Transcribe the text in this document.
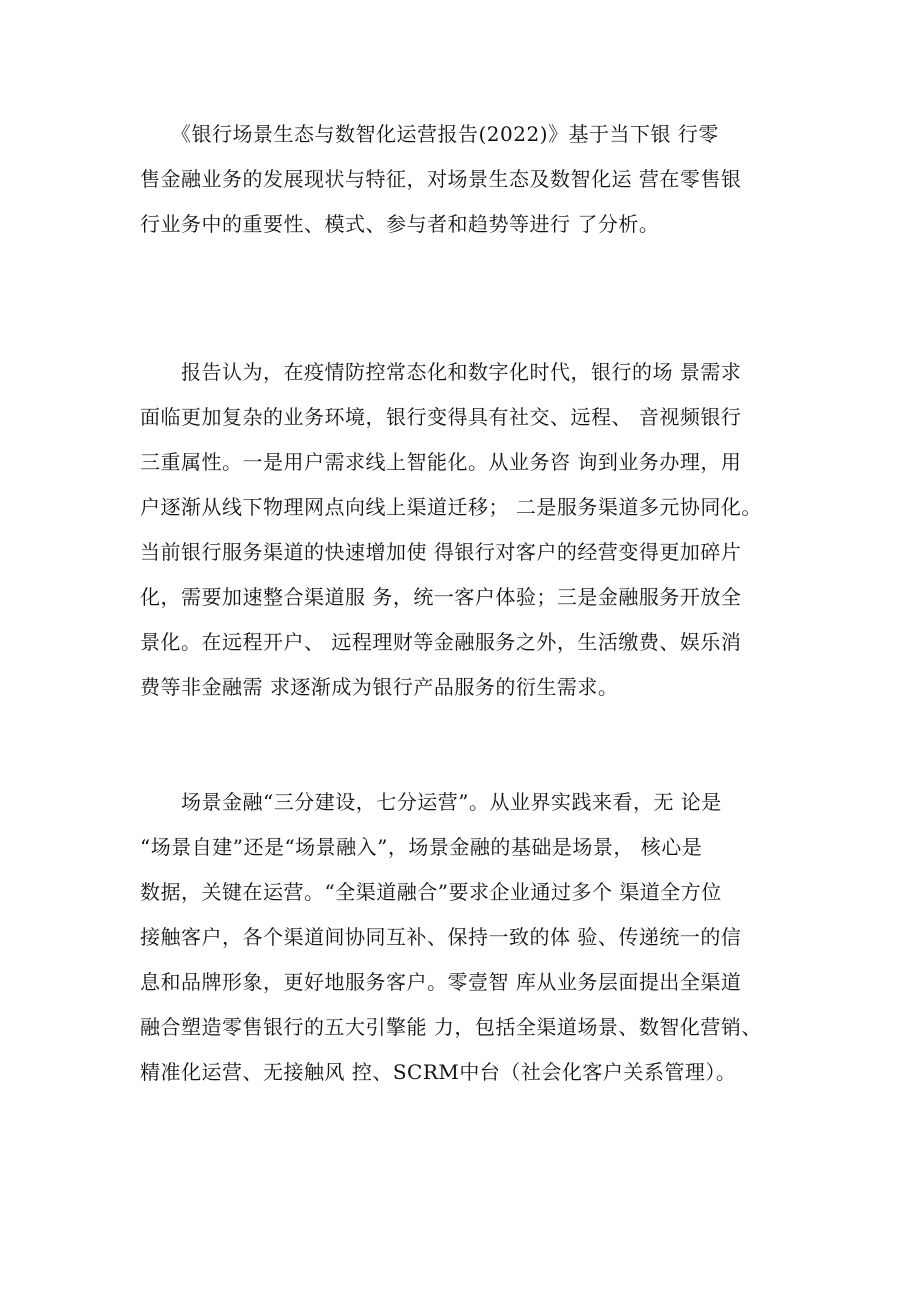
　　《银行场景生态与数智化运营报告(2022)》基于当下银 行零
售金融业务的发展现状与特征，对场景生态及数智化运 营在零售银
行业务中的重要性、模式、参与者和趋势等进行 了分析。
　　报告认为，在疫情防控常态化和数字化时代，银行的场 景需求
面临更加复杂的业务环境，银行变得具有社交、远程、 音视频银行
三重属性。一是用户需求线上智能化。从业务咨 询到业务办理，用
户逐渐从线下物理网点向线上渠道迁移； 二是服务渠道多元协同化。
当前银行服务渠道的快速增加使 得银行对客户的经营变得更加碎片
化，需要加速整合渠道服 务，统一客户体验；三是金融服务开放全
景化。在远程开户、 远程理财等金融服务之外，生活缴费、娱乐消
费等非金融需 求逐渐成为银行产品服务的衍生需求。
　　场景金融“三分建设，七分运营”。从业界实践来看，无 论是
“场景自建”还是“场景融入”，场景金融的基础是场景， 核心是
数据，关键在运营。“全渠道融合”要求企业通过多个 渠道全方位
接触客户，各个渠道间协同互补、保持一致的体 验、传递统一的信
息和品牌形象，更好地服务客户。零壹智 库从业务层面提出全渠道
融合塑造零售银行的五大引擎能 力，包括全渠道场景、数智化营销、
精准化运营、无接触风 控、SCRM中台（社会化客户关系管理）。
